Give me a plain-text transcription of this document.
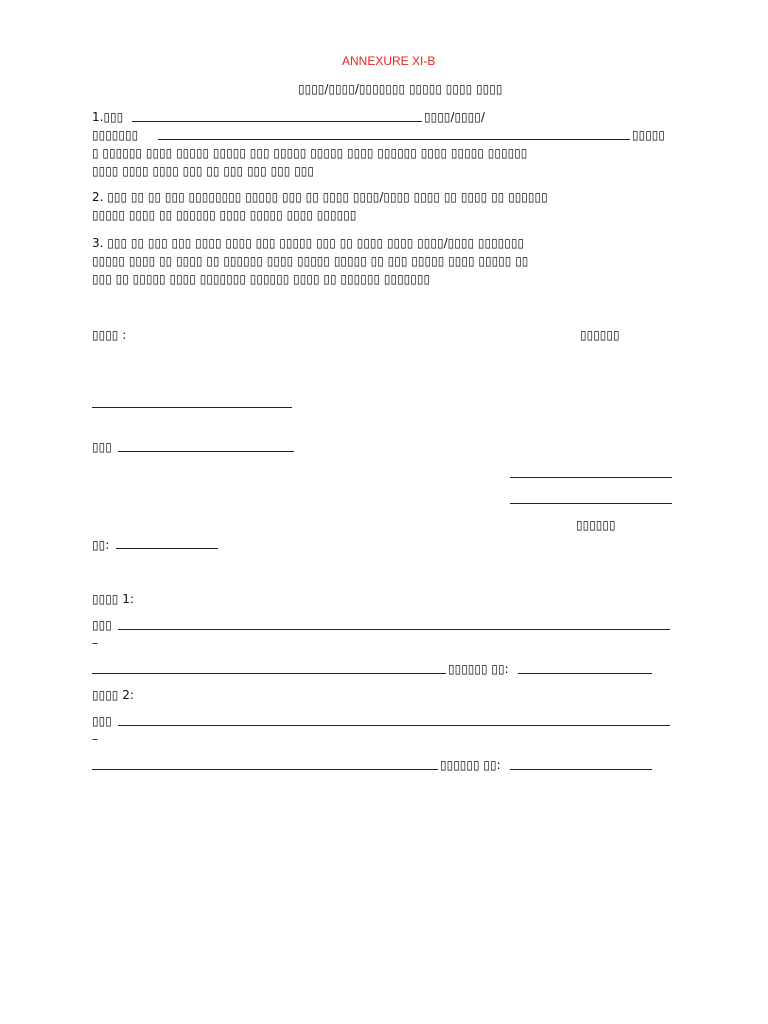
ANNEXURE XI-B
▯▯▯▯/▯▯▯▯/▯▯▯▯▯▯▯ ▯▯▯▯▯ ▯▯▯▯ ▯▯▯▯
1.▯▯▯	▯▯▯▯/▯▯▯▯/
▯▯▯▯▯▯▯	▯▯▯▯▯
▯ ▯▯▯▯▯▯ ▯▯▯▯ ▯▯▯▯▯ ▯▯▯▯▯ ▯▯▯ ▯▯▯▯▯ ▯▯▯▯▯ ▯▯▯▯ ▯▯▯▯▯▯ ▯▯▯▯ ▯▯▯▯▯ ▯▯▯▯▯▯
▯▯▯▯ ▯▯▯▯ ▯▯▯▯ ▯▯▯ ▯▯ ▯▯▯ ▯▯▯ ▯▯▯ ▯▯▯
2. ▯▯▯ ▯▯ ▯▯ ▯▯▯ ▯▯▯▯▯▯▯▯ ▯▯▯▯▯ ▯▯▯ ▯▯ ▯▯▯▯ ▯▯▯▯/▯▯▯▯ ▯▯▯▯ ▯▯ ▯▯▯▯ ▯▯ ▯▯▯▯▯▯
▯▯▯▯▯ ▯▯▯▯ ▯▯ ▯▯▯▯▯▯ ▯▯▯▯ ▯▯▯▯▯ ▯▯▯▯ ▯▯▯▯▯▯
3. ▯▯▯ ▯▯ ▯▯▯ ▯▯▯ ▯▯▯▯ ▯▯▯▯ ▯▯▯ ▯▯▯▯▯ ▯▯▯ ▯▯ ▯▯▯▯ ▯▯▯▯ ▯▯▯▯/▯▯▯▯ ▯▯▯▯▯▯▯
▯▯▯▯▯ ▯▯▯▯ ▯▯ ▯▯▯▯ ▯▯ ▯▯▯▯▯▯ ▯▯▯▯ ▯▯▯▯▯ ▯▯▯▯▯ ▯▯ ▯▯▯ ▯▯▯▯▯ ▯▯▯▯ ▯▯▯▯▯ ▯▯
▯▯▯ ▯▯ ▯▯▯▯▯ ▯▯▯▯ ▯▯▯▯▯▯▯ ▯▯▯▯▯▯ ▯▯▯▯ ▯▯ ▯▯▯▯▯▯ ▯▯▯▯▯▯▯
▯▯▯▯ :	▯▯▯▯▯▯
▯▯▯
▯▯▯▯▯▯
▯▯:
▯▯▯▯ 1:
▯▯▯
–
▯▯▯▯▯▯ ▯▯:
▯▯▯▯ 2:
▯▯▯
–
▯▯▯▯▯▯ ▯▯:
